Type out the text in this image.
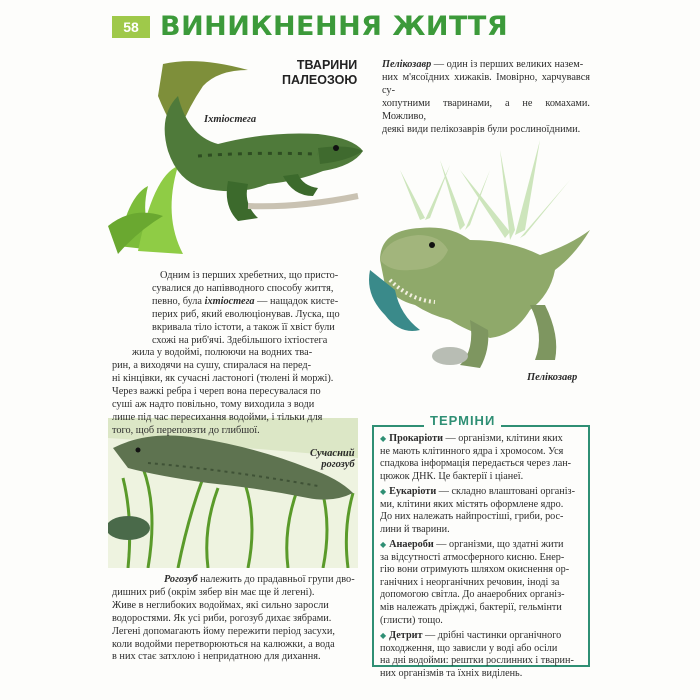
58 ВИНИКНЕННЯ ЖИТТЯ
ТВАРИНИ
ПАЛЕОЗОЮ
Іхтіостега
Пелікозавр
Сучасний
рогозуб
Пелікозавр — один із перших великих назем-
них м'ясоїдних хижаків. Імовірно, харчувався су-
хопутними тваринами, а не комахами. Можливо,
деякі види пелікозаврів були рослиноїдними.
Одним із перших хребетних, що присто-
сувалися до напівводного способу життя,
певно, була іхтіостега — нащадок кисте-
перих риб, який еволюціонував. Луска, що
вкривала тіло істоти, а також її хвіст були
схожі на риб'ячі. Здебільшого іхтіостега
жила у водоймі, полюючи на водних тва-
рин, а виходячи на сушу, спиралася на перед-
ні кінцівки, як сучасні ластоногі (тюлені й моржі).
Через важкі ребра і череп вона пересувалася по
суші аж надто повільно, тому виходила з води
лише під час пересихання водойми, і тільки для
того, щоб переповзти до глибшої.
Рогозуб належить до прадавньої групи дво-
дишних риб (окрім зябер він має ще й легені).
Живе в неглибоких водоймах, які сильно заросли
водоростями. Як усі риби, рогозуб дихає зябрами.
Легені допомагають йому пережити період засухи,
коли водойми перетворюються на калюжки, а вода
в них стає затхлою і непридатною для дихання.
ТЕРМІНИ
◆ Прокаріоти — організми, клітини яких
не мають клітинного ядра і хромосом. Уся
спадкова інформація передається через лан-
цюжок ДНК. Це бактерії і ціанеї.
◆ Еукаріоти — складно влаштовані організ-
ми, клітини яких містять оформлене ядро.
До них належать найпростіші, гриби, рос-
лини й тварини.
◆ Анаероби — організми, що здатні жити
за відсутності атмосферного кисню. Енер-
гію вони отримують шляхом окиснення ор-
ганічних і неорганічних речовин, іноді за
допомогою світла. До анаеробних організ-
мів належать дріжджі, бактерії, гельмінти
(глисти) тощо.
◆ Детрит — дрібні частинки органічного
походження, що зависли у воді або осіли
на дні водойми: рештки рослинних і тварин-
них організмів та їхніх виділень.
